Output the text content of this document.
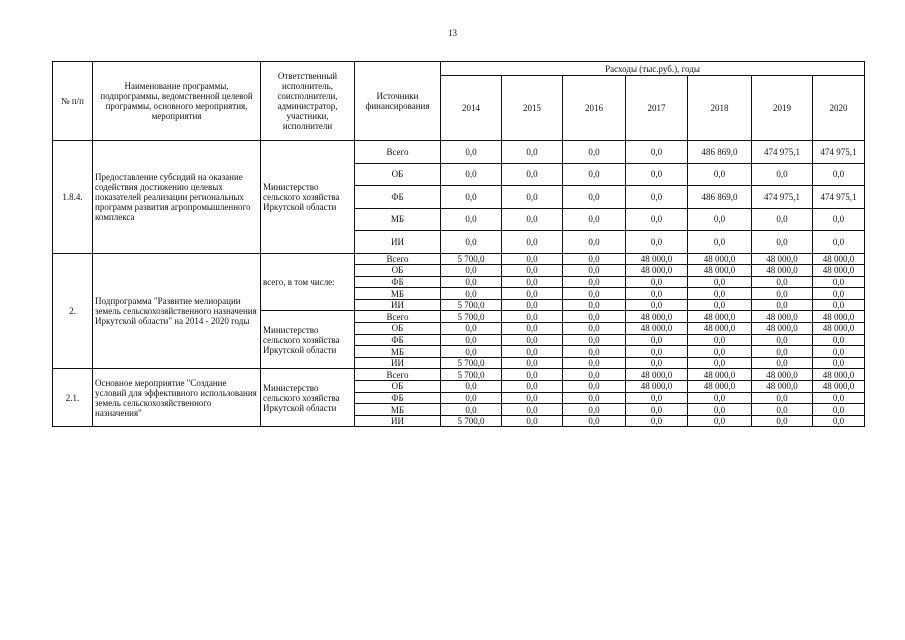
13
№ п/п	Наименование программы, подпрограммы, ведомственной целевой программы, основного мероприятия, мероприятия	Ответственный исполнитель, соисполнители, администратор, участники, исполнители	Источники финансирования	Расходы (тыс.руб.), годы						
				2014	2015	2016	2017	2018	2019	2020
1.8.4.	Предоставление субсидий на оказание содействия достижению целевых показателей реализации региональных программ развития агропромышленного комплекса	Министерство сельского хозяйства Иркутской области	Всего	0,0	0,0	0,0	0,0	486 869,0	474 975,1	474 975,1
			ОБ	0,0	0,0	0,0	0,0	0,0	0,0	0,0
			ФБ	0,0	0,0	0,0	0,0	486 869,0	474 975,1	474 975,1
			МБ	0,0	0,0	0,0	0,0	0,0	0,0	0,0
			ИИ	0,0	0,0	0,0	0,0	0,0	0,0	0,0
2.	Подпрограмма "Развитие мелиорации земель сельскохозяйственного назначения Иркутской области" на 2014 - 2020 годы	всего, в том числе:	Всего	5 700,0	0,0	0,0	48 000,0	48 000,0	48 000,0	48 000,0
			ОБ	0,0	0,0	0,0	48 000,0	48 000,0	48 000,0	48 000,0
			ФБ	0,0	0,0	0,0	0,0	0,0	0,0	0,0
			МБ	0,0	0,0	0,0	0,0	0,0	0,0	0,0
			ИИ	5 700,0	0,0	0,0	0,0	0,0	0,0	0,0
		Министерство сельского хозяйства Иркутской области	Всего	5 700,0	0,0	0,0	48 000,0	48 000,0	48 000,0	48 000,0
			ОБ	0,0	0,0	0,0	48 000,0	48 000,0	48 000,0	48 000,0
			ФБ	0,0	0,0	0,0	0,0	0,0	0,0	0,0
			МБ	0,0	0,0	0,0	0,0	0,0	0,0	0,0
			ИИ	5 700,0	0,0	0,0	0,0	0,0	0,0	0,0
2.1.	Основное мероприятие "Создание условий для эффективного использования земель сельскохозяйственного назначения"	Министерство сельского хозяйства Иркутской области	Всего	5 700,0	0,0	0,0	48 000,0	48 000,0	48 000,0	48 000,0
			ОБ	0,0	0,0	0,0	48 000,0	48 000,0	48 000,0	48 000,0
			ФБ	0,0	0,0	0,0	0,0	0,0	0,0	0,0
			МБ	0,0	0,0	0,0	0,0	0,0	0,0	0,0
			ИИ	5 700,0	0,0	0,0	0,0	0,0	0,0	0,0
